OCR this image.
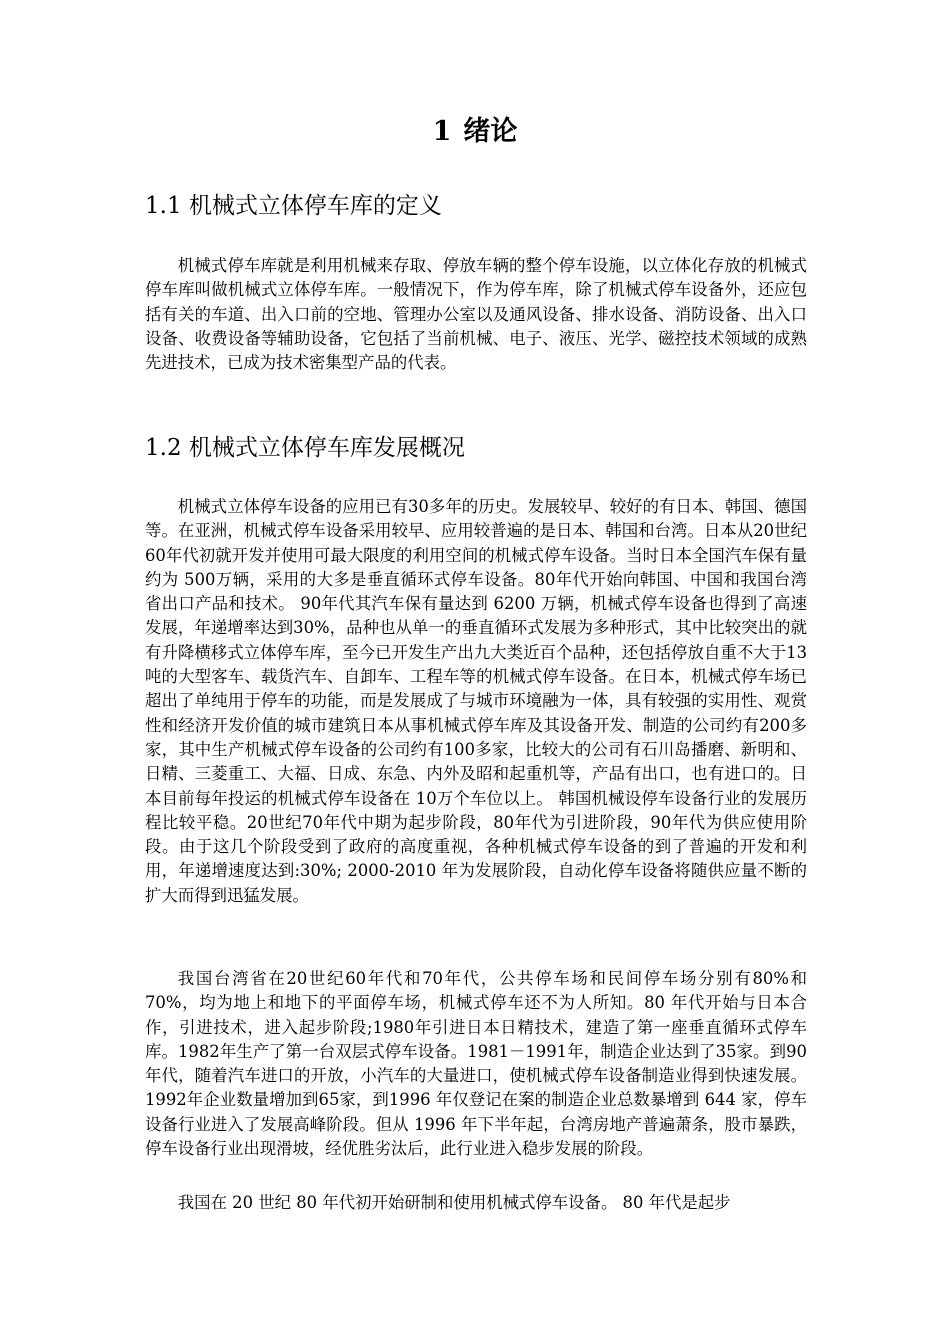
1 绪论
1.1 机械式立体停车库的定义

机械式停车库就是利用机械来存取、停放车辆的整个停车设施，以立体化存放的机械式停车库叫做机械式立体停车库。一般情况下，作为停车库，除了机械式停车设备外，还应包括有关的车道、出入口前的空地、管理办公室以及通风设备、排水设备、消防设备、出入口设备、收费设备等辅助设备，它包括了当前机械、电子、液压、光学、磁控技术领域的成熟先进技术，已成为技术密集型产品的代表。

1.2 机械式立体停车库发展概况

机械式立体停车设备的应用已有30多年的历史。发展较早、较好的有日本、韩国、德国等。在亚洲，机械式停车设备采用较早、应用较普遍的是日本、韩国和台湾。日本从20世纪60年代初就开发并使用可最大限度的利用空间的机械式停车设备。当时日本全国汽车保有量约为 500万辆，采用的大多是垂直循环式停车设备。80年代开始向韩国、中国和我国台湾省出口产品和技术。 90年代其汽车保有量达到 6200 万辆，机械式停车设备也得到了高速发展，年递增率达到30%，品种也从单一的垂直循环式发展为多种形式，其中比较突出的就有升降横移式立体停车库，至今已开发生产出九大类近百个品种，还包括停放自重不大于13 吨的大型客车、载货汽车、自卸车、工程车等的机械式停车设备。在日本，机械式停车场已超出了单纯用于停车的功能，而是发展成了与城市环境融为一体，具有较强的实用性、观赏性和经济开发价值的城市建筑日本从事机械式停车库及其设备开发、制造的公司约有200多家，其中生产机械式停车设备的公司约有100多家，比较大的公司有石川岛播磨、新明和、日精、三菱重工、大福、日成、东急、内外及昭和起重机等，产品有出口，也有进口的。日本目前每年投运的机械式停车设备在 10万个车位以上。 韩国机械设停车设备行业的发展历程比较平稳。20世纪70年代中期为起步阶段，80年代为引进阶段，90年代为供应使用阶段。由于这几个阶段受到了政府的高度重视，各种机械式停车设备的到了普遍的开发和利用，年递增速度达到:30%; 2000-2010 年为发展阶段，自动化停车设备将随供应量不断的扩大而得到迅猛发展。

我国台湾省在20世纪60年代和70年代，公共停车场和民间停车场分别有80%和 70%，均为地上和地下的平面停车场，机械式停车还不为人所知。80 年代开始与日本合作，引进技术，进入起步阶段;1980年引进日本日精技术，建造了第一座垂直循环式停车库。1982年生产了第一台双层式停车设备。1981－1991年，制造企业达到了35家。到90年代，随着汽车进口的开放，小汽车的大量进口，使机械式停车设备制造业得到快速发展。1992年企业数量增加到65家，到1996 年仅登记在案的制造企业总数暴增到 644 家，停车设备行业进入了发展高峰阶段。但从 1996 年下半年起，台湾房地产普遍萧条，股市暴跌，停车设备行业出现滑坡，经优胜劣汰后，此行业进入稳步发展的阶段。

我国在 20 世纪 80 年代初开始研制和使用机械式停车设备。 80 年代是起步
